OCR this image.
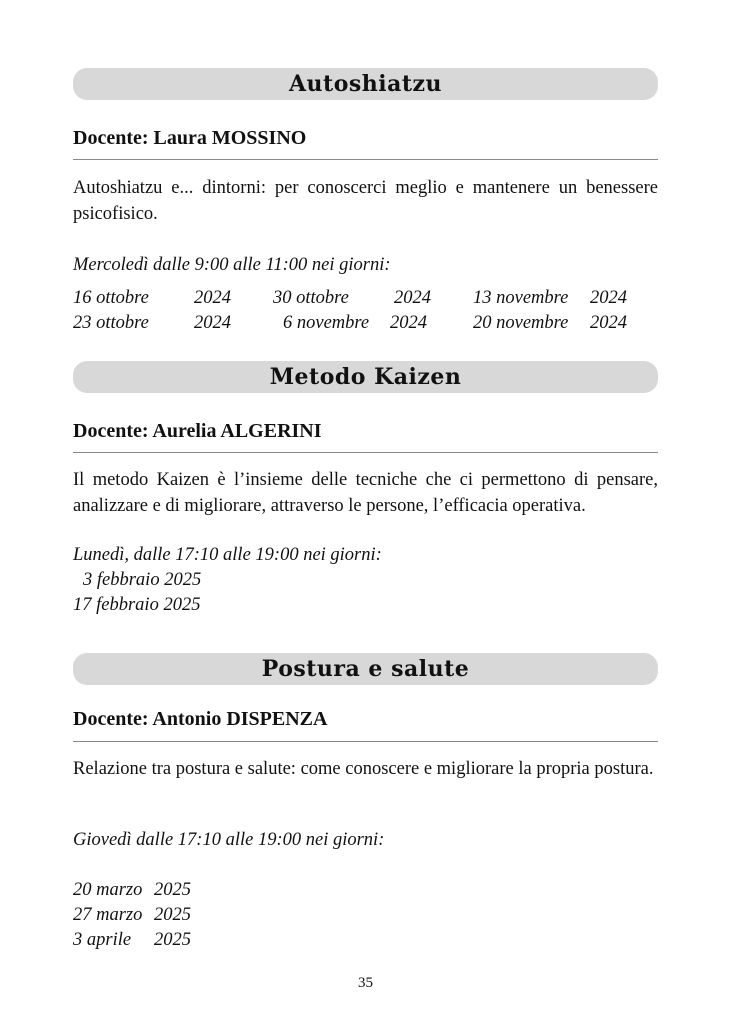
Autoshiatzu
Docente: Laura MOSSINO
Autoshiatzu e... dintorni: per conoscerci meglio e mantenere un benessere psicofisico.
Mercoledì dalle 9:00 alle 11:00 nei giorni:
16 ottobre 2024 30 ottobre 2024 13 novembre 2024
23 ottobre 2024	6 novembre 2024 20 novembre 2024
Metodo Kaizen
Docente: Aurelia ALGERINI
Il metodo Kaizen è l’insieme delle tecniche che ci permettono di pensare, analizzare e di migliorare, attraverso le persone, l’efficacia operativa.
Lunedì, dalle 17:10 alle 19:00 nei giorni:
3 febbraio 2025
17 febbraio 2025
Postura e salute
Docente: Antonio DISPENZA
Relazione tra postura e salute: come conoscere e migliorare la propria postura.
Giovedì dalle 17:10 alle 19:00 nei giorni:
20 marzo 2025
27 marzo 2025
3 aprile 2025
35
